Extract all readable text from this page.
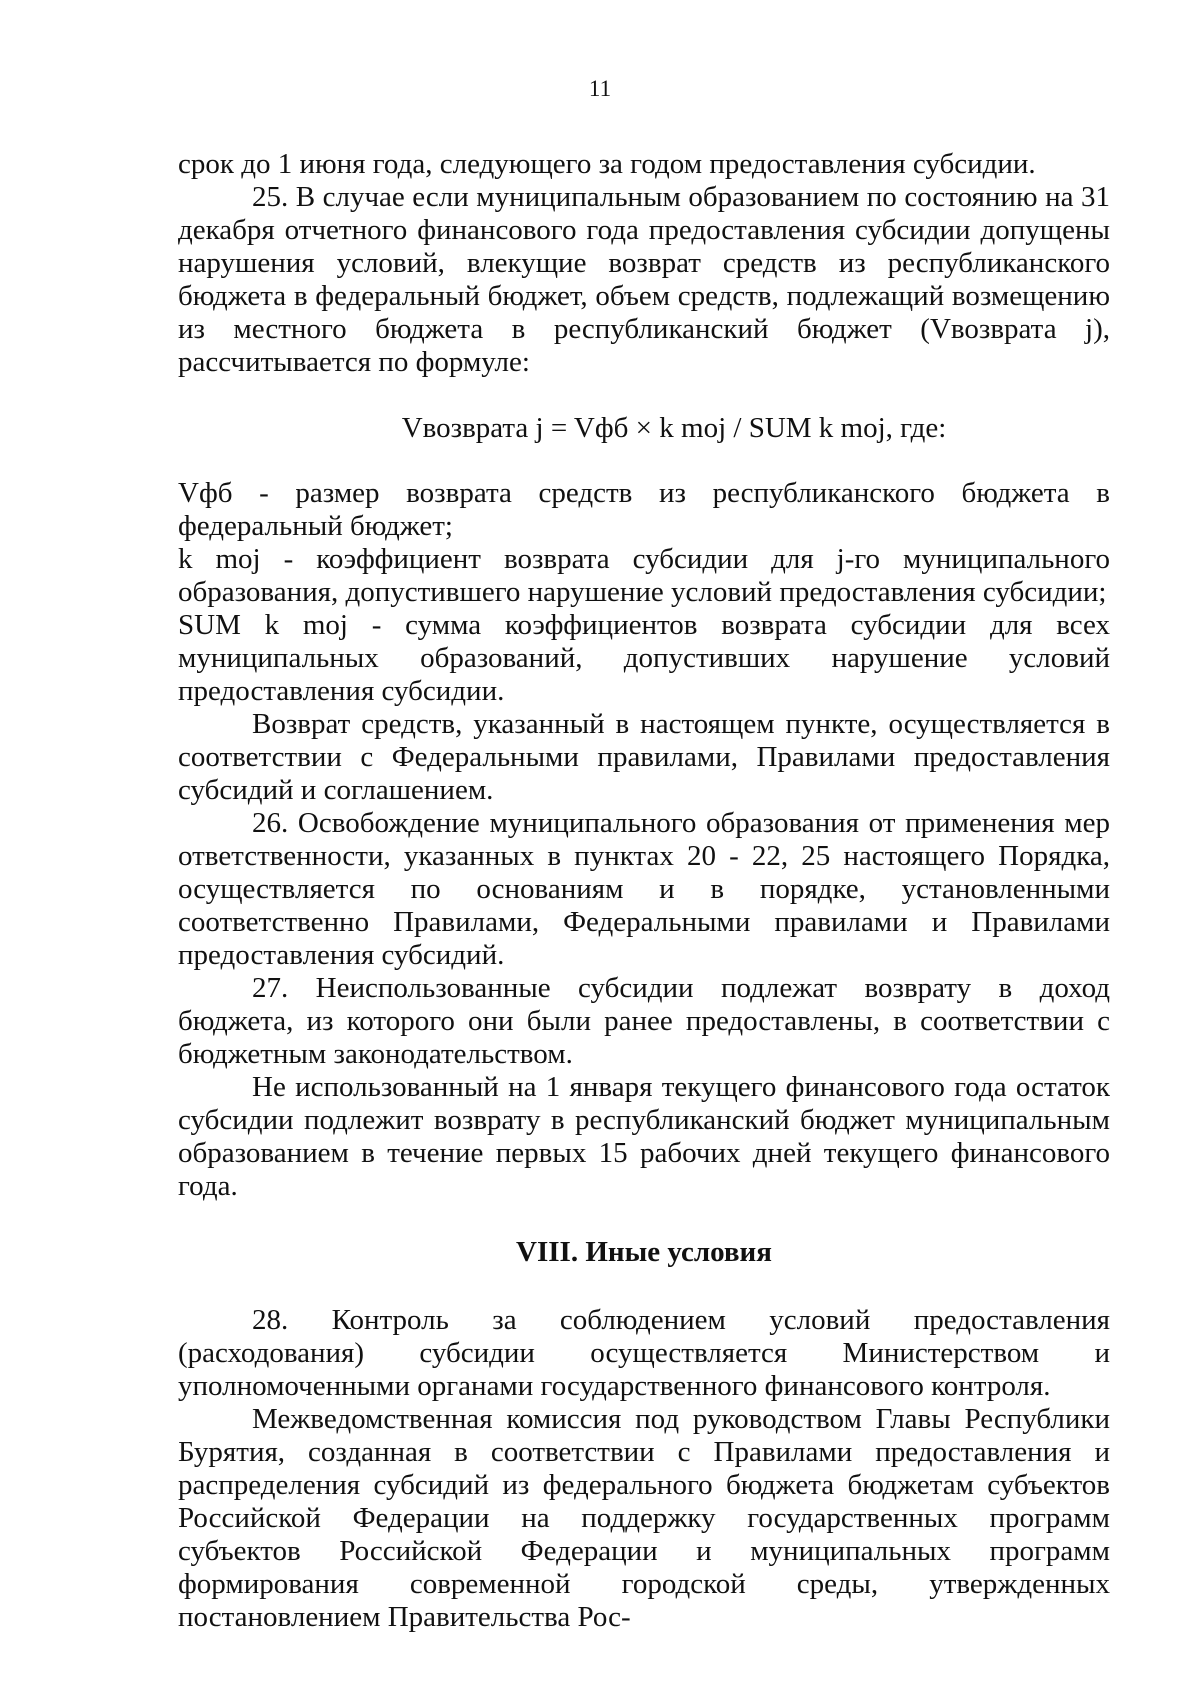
11

срок до 1 июня года, следующего за годом предоставления субсидии.

25. В случае если муниципальным образованием по состоянию на 31 декабря отчетного финансового года предоставления субсидии допущены нарушения условий, влекущие возврат средств из республиканского бюджета в федеральный бюджет, объем средств, подлежащий возмещению из местного бюджета в республиканский бюджет (Vвозврата j), рассчитывается по формуле:

Vвозврата j = Vфб × k moj / SUM k moj, где:

Vфб - размер возврата средств из республиканского бюджета в федеральный бюджет;

k moj - коэффициент возврата субсидии для j-го муниципального образования, допустившего нарушение условий предоставления субсидии;

SUM k moj - сумма коэффициентов возврата субсидии для всех муниципальных образований, допустивших нарушение условий предоставления субсидии.

Возврат средств, указанный в настоящем пункте, осуществляется в соответствии с Федеральными правилами, Правилами предоставления субсидий и соглашением.

26. Освобождение муниципального образования от применения мер ответственности, указанных в пунктах 20 - 22, 25 настоящего Порядка, осуществляется по основаниям и в порядке, установленными соответственно Правилами, Федеральными правилами и Правилами предоставления субсидий.

27. Неиспользованные субсидии подлежат возврату в доход бюджета, из которого они были ранее предоставлены, в соответствии с бюджетным законодательством.

Не использованный на 1 января текущего финансового года остаток субсидии подлежит возврату в республиканский бюджет муниципальным образованием в течение первых 15 рабочих дней текущего финансового года.

VIII. Иные условия

28. Контроль за соблюдением условий предоставления (расходования) субсидии осуществляется Министерством и уполномоченными органами государственного финансового контроля.

Межведомственная комиссия под руководством Главы Республики Бурятия, созданная в соответствии с Правилами предоставления и распределения субсидий из федерального бюджета бюджетам субъектов Российской Федерации на поддержку государственных программ субъектов Российской Федерации и муниципальных программ формирования современной городской среды, утвержденных постановлением Правительства Рос-
